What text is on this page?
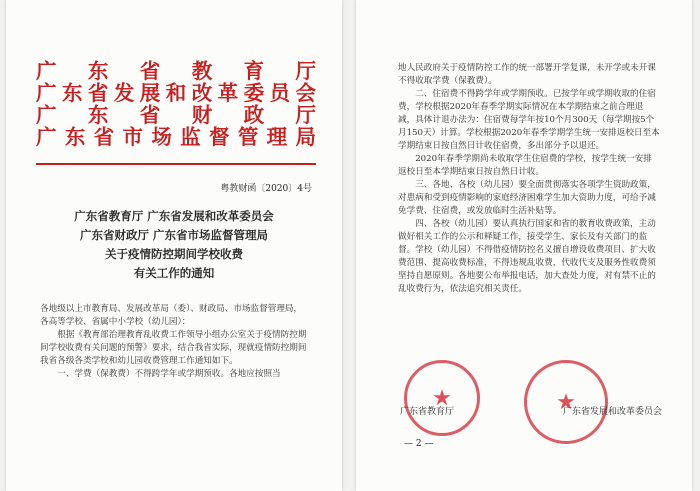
广东省教育厅
广东省发展和改革委员会
广东省财政厅
广东省市场监督管理局
粤教财函〔2020〕4号
广东省教育厅 广东省发展和改革委员会
广东省财政厅 广东省市场监督管理局
关于疫情防控期间学校收费
有关工作的通知

各地级以上市教育局、发展改革局（委）、财政局、市场监督管理局，各高等学校、省属中小学校（幼儿园）：

根据《教育部治理教育乱收费工作领导小组办公室关于疫情防控期间学校收费有关问题的预警》要求，结合我省实际，现就疫情防控期间我省各级各类学校和幼儿园收费管理工作通知如下。

一、学费（保教费）不得跨学年或学期预收。各地应按照当

地人民政府关于疫情防控工作的统一部署开学复课，未开学或未开课不得收取学费（保教费）。

二、住宿费不得跨学年或学期预收。已按学年或学期收取的住宿费，学校根据2020年春季学期实际情况在本学期结束之前合理退减，具体计退办法为：住宿费每学年按10个月300天（每学期按5个月150天）计算。学校根据2020年春季学期学生统一安排返校日至本学期结束日按自然日计收住宿费，多出部分予以退还。

2020年春季学期尚未收取学生住宿费的学校，按学生统一安排返校日至本学期结束日按自然日计收。

三、各地、各校（幼儿园）要全面贯彻落实各项学生资助政策，对患病和受到疫情影响的家庭经济困难学生加大资助力度，可给予减免学费、住宿费，或发放临时生活补贴等。

四、各校（幼儿园）要认真执行国家和省的教育收费政策，主动做好相关工作的公示和释疑工作，接受学生、家长及有关部门的监督。学校（幼儿园）不得借疫情防控名义擅自增设收费项目、扩大收费范围、提高收费标准，不得违规乱收费，代收代支及服务性收费须坚持自愿原则。各地要公布举报电话，加大查处力度，对有禁不止的乱收费行为，依法追究相关责任。

★	★
广东省教育厅	广东省发展和改革委员会
— 2 —
